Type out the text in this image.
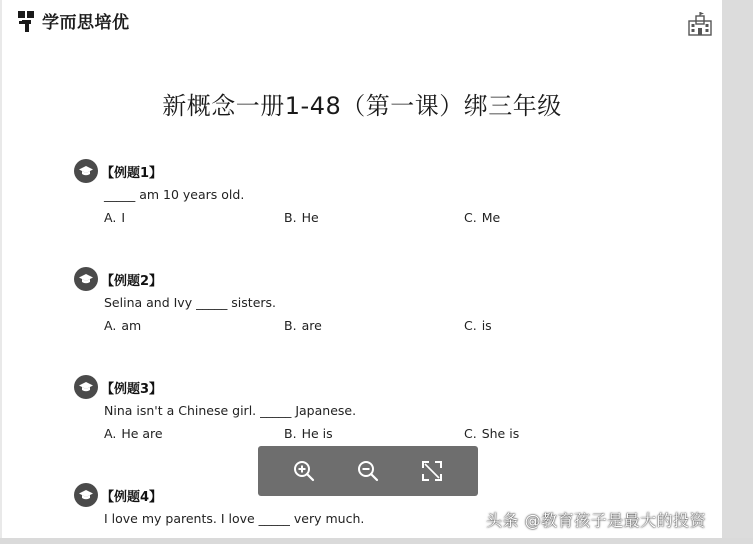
学而思培优
新概念一册1-48（第一课）绑三年级
【例题1】
_____ am 10 years old.
A. I	B. He	C. Me
【例题2】
Selina and Ivy _____ sisters.
A. am	B. are	C. is
【例题3】
Nina isn't a Chinese girl. _____ Japanese.
A. He are	B. He is	C. She is
【例题4】
I love my parents. I love _____ very much.	头条 @教育孩子是最大的投资
